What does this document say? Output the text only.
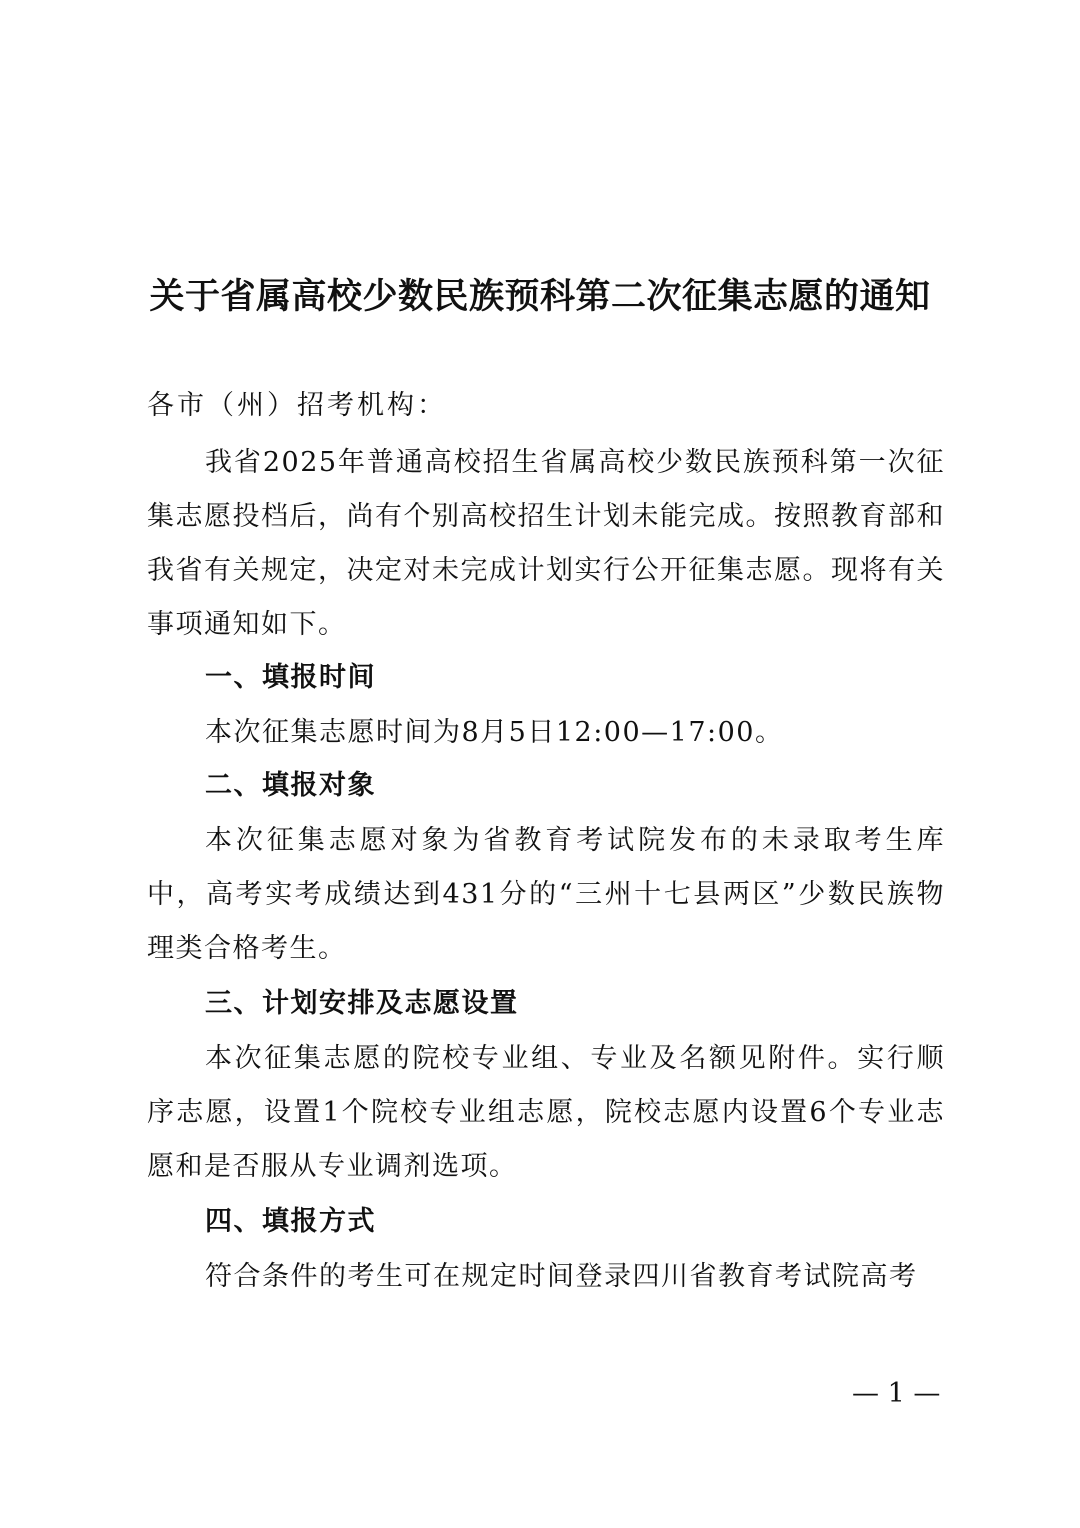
关于省属高校少数民族预科第二次征集志愿的通知
各市（州）招考机构：
我省2025年普通高校招生省属高校少数民族预科第一次征集志愿投档后，尚有个别高校招生计划未能完成。按照教育部和我省有关规定，决定对未完成计划实行公开征集志愿。现将有关事项通知如下。
一、填报时间
本次征集志愿时间为8月5日12:00—17:00。
二、填报对象
本次征集志愿对象为省教育考试院发布的未录取考生库中，高考实考成绩达到431分的“三州十七县两区”少数民族物理类合格考生。
三、计划安排及志愿设置
本次征集志愿的院校专业组、专业及名额见附件。实行顺序志愿，设置1个院校专业组志愿，院校志愿内设置6个专业志愿和是否服从专业调剂选项。
四、填报方式
符合条件的考生可在规定时间登录四川省教育考试院高考
— 1 —
